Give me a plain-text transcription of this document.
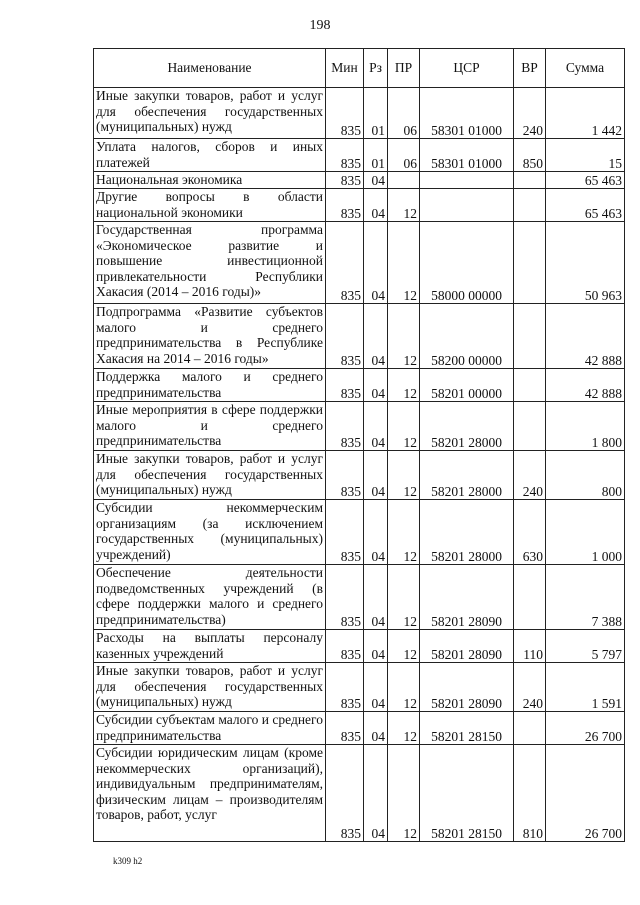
198
Наименование	Мин	Рз	ПР	ЦСР	ВР	Сумма
Иные закупки товаров, работ и услуг для обеспечения государственных (муниципальных) нужд	835	01	06	58301 01000	240	1 442
Уплата налогов, сборов и иных платежей	835	01	06	58301 01000	850	15
Национальная экономика	835	04				65 463
Другие вопросы в области национальной экономики	835	04	12			65 463
Государственная программа «Экономическое развитие и повышение инвестиционной привлекательности Республики Хакасия (2014 – 2016 годы)»	835	04	12	58000 00000		50 963
Подпрограмма «Развитие субъектов малого и среднего предпринимательства в Республике Хакасия на 2014 – 2016 годы»	835	04	12	58200 00000		42 888
Поддержка малого и среднего предпринимательства	835	04	12	58201 00000		42 888
Иные мероприятия в сфере поддержки малого и среднего предпринимательства	835	04	12	58201 28000		1 800
Иные закупки товаров, работ и услуг для обеспечения государственных (муниципальных) нужд	835	04	12	58201 28000	240	800
Субсидии некоммерческим организациям (за исключением государственных (муниципальных) учреждений)	835	04	12	58201 28000	630	1 000
Обеспечение деятельности подведомственных учреждений (в сфере поддержки малого и среднего предпринимательства)	835	04	12	58201 28090		7 388
Расходы на выплаты персоналу казенных учреждений	835	04	12	58201 28090	110	5 797
Иные закупки товаров, работ и услуг для обеспечения государственных (муниципальных) нужд	835	04	12	58201 28090	240	1 591
Субсидии субъектам малого и среднего предпринимательства	835	04	12	58201 28150		26 700
Субсидии юридическим лицам (кроме некоммерческих организаций), индивидуальным предпринимателям, физическим лицам – производителям товаров, работ, услуг	835	04	12	58201 28150	810	26 700
k309 h2
